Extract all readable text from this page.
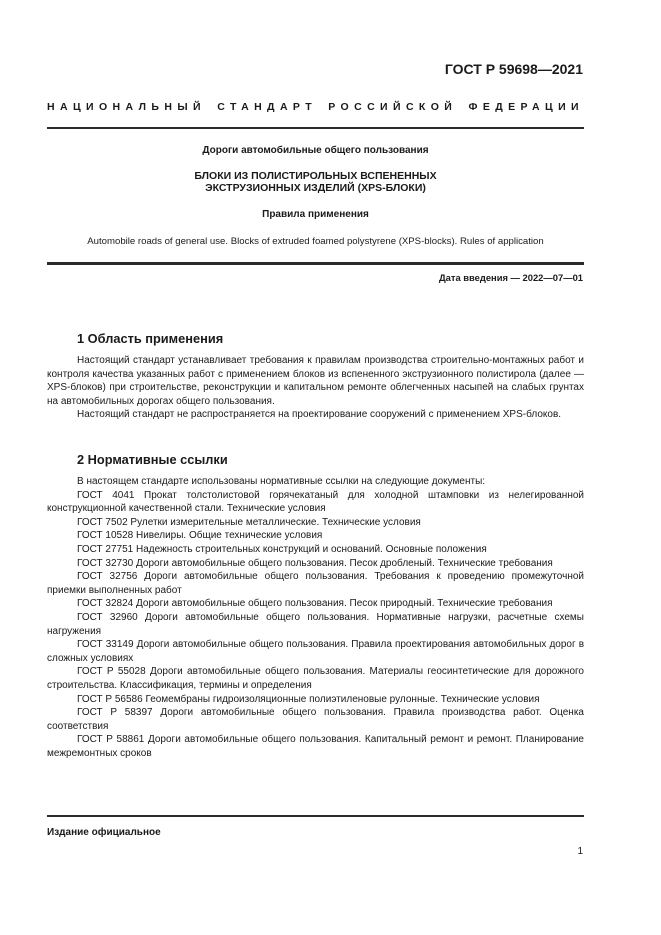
ГОСТ Р 59698—2021
НАЦИОНАЛЬНЫЙ СТАНДАРТ РОССИЙСКОЙ ФЕДЕРАЦИИ
Дороги автомобильные общего пользования
БЛОКИ ИЗ ПОЛИСТИРОЛЬНЫХ ВСПЕНЕННЫХ
ЭКСТРУЗИОННЫХ ИЗДЕЛИЙ (XPS-БЛОКИ)
Правила применения
Automobile roads of general use. Blocks of extruded foamed polystyrene (XPS-blocks). Rules of application
Дата введения — 2022—07—01
1 Область применения

Настоящий стандарт устанавливает требования к правилам производства строительно-монтажных работ и контроля качества указанных работ с применением блоков из вспененного экструзионного полистирола (далее — XPS-блоков) при строительстве, реконструкции и капитальном ремонте облегченных насыпей на слабых грунтах на автомобильных дорогах общего пользования.

Настоящий стандарт не распространяется на проектирование сооружений с применением XPS-блоков.

2 Нормативные ссылки

В настоящем стандарте использованы нормативные ссылки на следующие документы:

ГОСТ 4041 Прокат толстолистовой горячекатаный для холодной штамповки из нелегированной конструкционной качественной стали. Технические условия

ГОСТ 7502 Рулетки измерительные металлические. Технические условия

ГОСТ 10528 Нивелиры. Общие технические условия

ГОСТ 27751 Надежность строительных конструкций и оснований. Основные положения

ГОСТ 32730 Дороги автомобильные общего пользования. Песок дробленый. Технические требования

ГОСТ 32756 Дороги автомобильные общего пользования. Требования к проведению промежуточной приемки выполненных работ

ГОСТ 32824 Дороги автомобильные общего пользования. Песок природный. Технические требования

ГОСТ 32960 Дороги автомобильные общего пользования. Нормативные нагрузки, расчетные схемы нагружения

ГОСТ 33149 Дороги автомобильные общего пользования. Правила проектирования автомобильных дорог в сложных условиях

ГОСТ Р 55028 Дороги автомобильные общего пользования. Материалы геосинтетические для дорожного строительства. Классификация, термины и определения

ГОСТ Р 56586 Геомембраны гидроизоляционные полиэтиленовые рулонные. Технические условия

ГОСТ Р 58397 Дороги автомобильные общего пользования. Правила производства работ. Оценка соответствия

ГОСТ Р 58861 Дороги автомобильные общего пользования. Капитальный ремонт и ремонт. Планирование межремонтных сроков

Издание официальное
1
